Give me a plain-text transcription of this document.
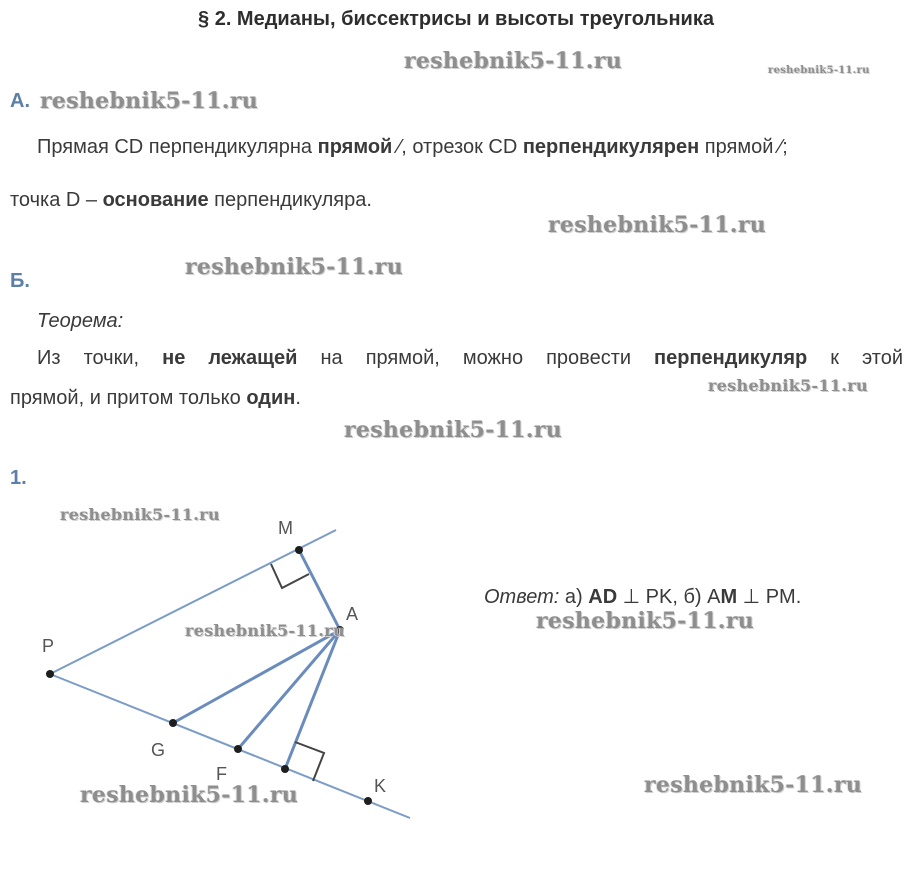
§ 2. Медианы, биссектрисы и высоты треугольника
reshebnik5-11.ru	reshebnik5-11.ru
А. reshebnik5-11.ru
Прямая CD перпендикулярна прямой ⁄, отрезок CD перпендикулярен прямой ⁄;
точка D – основание перпендикуляра.
reshebnik5-11.ru
Б.
reshebnik5-11.ru
Теорема:
Из точки, не лежащей на прямой, можно провести перпендикуляр к этой
reshebnik5-11.ru
прямой, и притом только один.
reshebnik5-11.ru
1.
reshebnik5-11.ru
M
A
P
G
F
K
reshebnik5-11.ru
Ответ: а) AD ⊥ PK, б) AM ⊥ PM.
reshebnik5-11.ru
reshebnik5-11.ru	reshebnik5-11.ru
